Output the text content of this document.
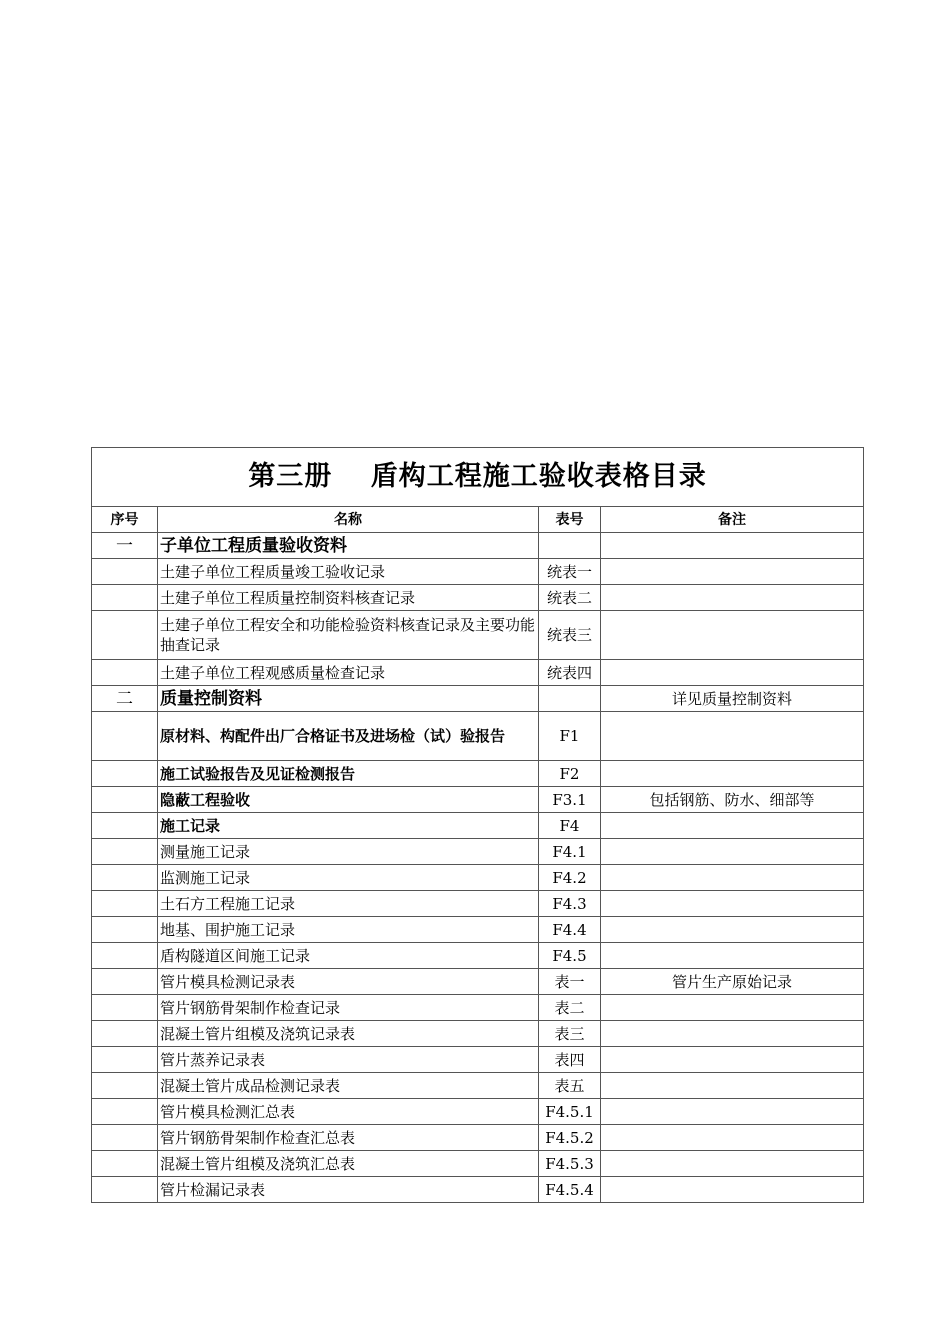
第三册　 盾构工程施工验收表格目录			
序号	名称	表号	备注
一	子单位工程质量验收资料		
	土建子单位工程质量竣工验收记录	统表一	
	土建子单位工程质量控制资料核查记录	统表二	
	土建子单位工程安全和功能检验资料核查记录及主要功能抽查记录	统表三	
	土建子单位工程观感质量检查记录	统表四	
二	质量控制资料		详见质量控制资料
	原材料、构配件出厂合格证书及进场检（试）验报告	F1	
	施工试验报告及见证检测报告	F2	
	隐蔽工程验收	F3.1	包括钢筋、防水、细部等
	施工记录	F4	
	测量施工记录	F4.1	
	监测施工记录	F4.2	
	土石方工程施工记录	F4.3	
	地基、围护施工记录	F4.4	
	盾构隧道区间施工记录	F4.5	
	管片模具检测记录表	表一	管片生产原始记录
	管片钢筋骨架制作检查记录	表二	
	混凝土管片组模及浇筑记录表	表三	
	管片蒸养记录表	表四	
	混凝土管片成品检测记录表	表五	
	管片模具检测汇总表	F4.5.1	
	管片钢筋骨架制作检查汇总表	F4.5.2	
	混凝土管片组模及浇筑汇总表	F4.5.3	
	管片检漏记录表	F4.5.4	
